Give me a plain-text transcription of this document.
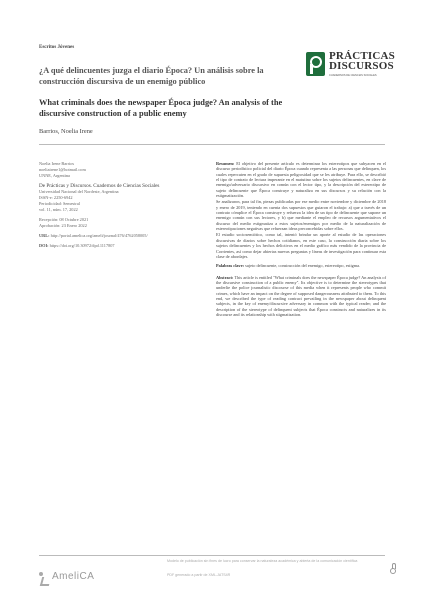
Escritos Jóvenes
PRÁCTICAS
DISCURSOS
CUADERNOS DE CIENCIAS SOCIALES
¿A qué delincuentes juzga el diario Época? Un análisis sobre la construcción discursiva de un enemigo público
What criminals does the newspaper Época judge? An analysis of the discursive construction of a public enemy
Barrios, Noelia Irene
Noelia Irene Barrios
noeliairene1@hotmail.com
UNNE, Argentina
De Prácticas y Discursos. Cuadernos de Ciencias Sociales
Universidad Nacional del Nordeste, Argentina
ISSN-e: 2250-6942
Periodicidad: Semestral
vol. 11, núm. 17, 2022
Recepción: 08 Octubre 2021
Aprobación: 23 Enero 2022
URL: http://portal.amelica.org/ameli/journal/476/4762058005/
DOI: https://doi.org/10.30972/dpd.1117807

Resumen: El objetivo del presente artículo es determinar los estereotipos que subyacen en el discurso periodístico policial del diario Época cuando representa a las personas que delinquen, los cuales repercuten en el grado de supuesta peligrosidad que se les atribuye. Para ello, se describió el tipo de contrato de lectura imperante en el matutino sobre los sujetos delincuentes, en clave de enemigo/adversario discursivo en común con el lector tipo, y la descripción del estereotipo de sujeto delincuente que Época construye y naturaliza en sus discursos y su relación con la estigmatización.

Se analizaron, para tal fin, piezas publicadas por ese medio entre noviembre y diciembre de 2018 y enero de 2019, teniendo en cuenta dos supuestos que guiaron el trabajo: a) que a través de un contrato cómplice el Época construye y refuerza la idea de un tipo de delincuente que supone un enemigo común con sus lectores, y b) que mediante el empleo de recursos argumentativos el discurso del medio estigmatiza a estos sujetos/enemigos por medio de la naturalización de estereotipaciones negativas que refuerzan ideas preconcebidas sobre ellos.

El estudio sociosemiótico, como tal, intentó brindar un aporte al estudio de las operaciones discursivas de diarios sobre hechos cotidianos, en este caso, la construcción diaria sobre los sujetos delincuentes y los hechos delictivos en el medio gráfico más vendido de la provincia de Corrientes, así como dejar abiertas nuevas preguntas y líneas de investigación para continuar esta clase de abordajes.

Palabras clave: sujeto delincuente, construcción del enemigo, estereotipo, estigma.

Abstract: This article is entitled "What criminals does the newspaper Época judge? An analysis of the discursive construction of a public enemy". Its objective is to determine the stereotypes that underlie the police journalistic discourse of this media when it represents people who commit crimes, which have an impact on the degree of supposed dangerousness attributed to them. To this end, we described the type of reading contract prevailing in the newspaper about delinquent subjects, in the key of enemy/discursive adversary in common with the typical reader; and the description of the stereotype of delinquent subjects that Época constructs and naturalizes in its discourse and its relationship with stigmatization.

AmeliCA
Modelo de publicación sin fines de lucro para conservar la naturaleza académica y abierta de la comunicación científica
PDF generado a partir de XML-JATS4R
